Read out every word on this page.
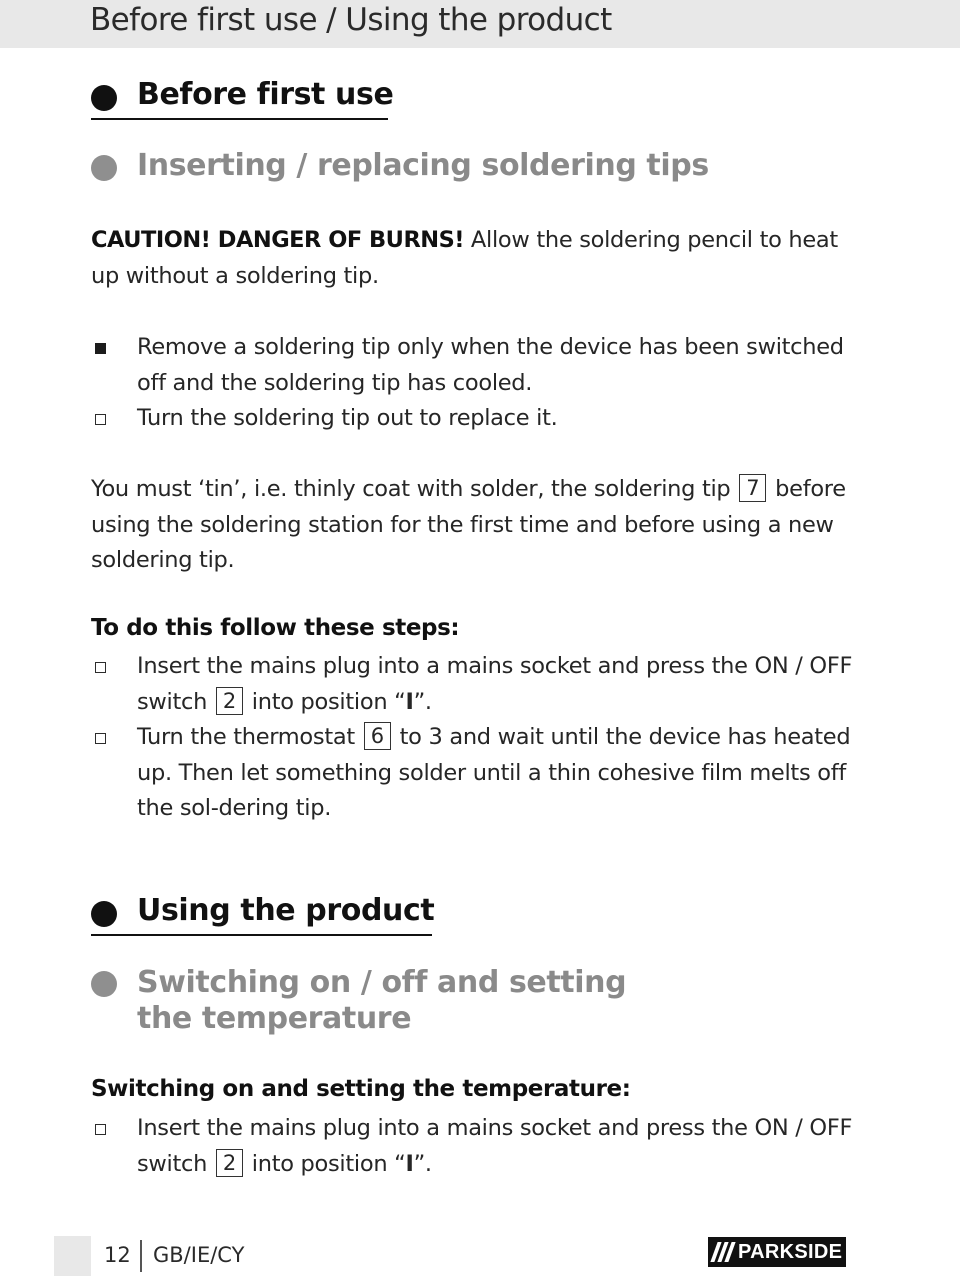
Before first use / Using the product
Before first use
Inserting / replacing soldering tips
CAUTION! DANGER OF BURNS! Allow the soldering pencil to heat up without a soldering tip.
Remove a soldering tip only when the device has been switched off and the soldering tip has cooled.
Turn the soldering tip out to replace it.
You must ‘tin’, i.e. thinly coat with solder, the soldering tip 7 before using the soldering station for the first time and before using a new soldering tip.
To do this follow these steps:
Insert the mains plug into a mains socket and press the ON / OFF switch 2 into position “I”.
Turn the thermostat 6 to 3 and wait until the device has heated up. Then let something solder until a thin cohesive film melts off the sol-dering tip.
Using the product
Switching on / off and setting
the temperature
Switching on and setting the temperature:
Insert the mains plug into a mains socket and press the ON / OFF switch 2 into position “I”.
12 GB/IE/CY	PARKSIDE
